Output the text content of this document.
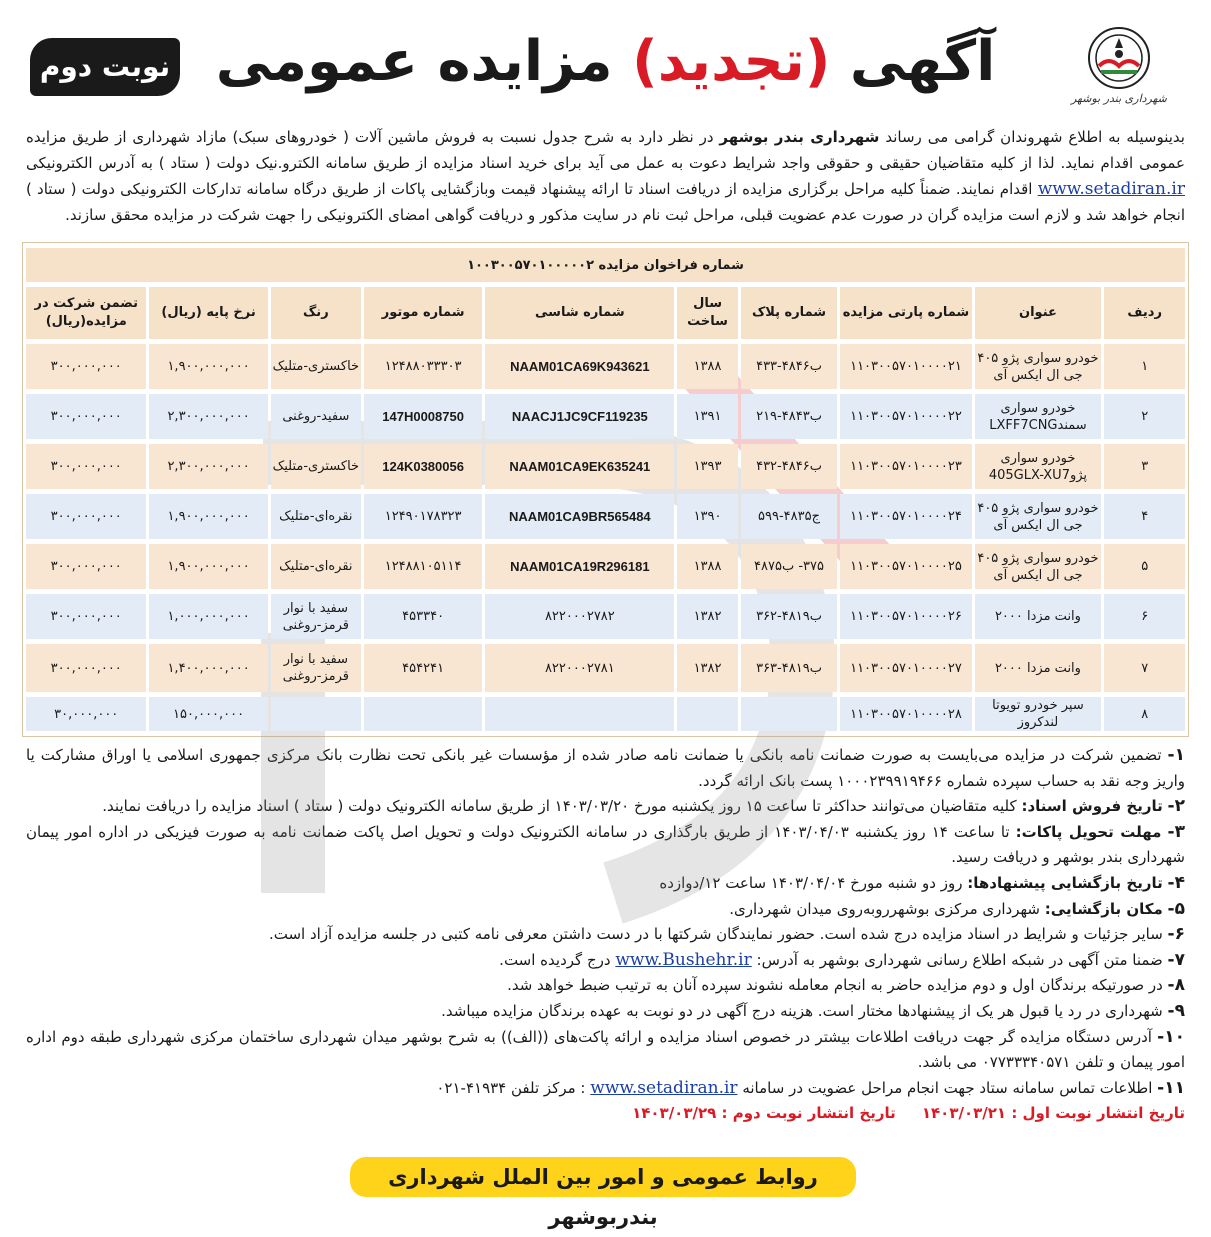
شهرداری بندر بوشهر
آگهی (تجدید) مزایده عمومی
نوبت دوم
بدینوسیله به اطلاع شهروندان گرامی می رساند شهرداری بندر بوشهر در نظر دارد به شرح جدول نسبت به فروش ماشین آلات ( خودروهای سبک) مازاد شهرداری از طریق مزایده عمومی اقدام نماید. لذا از کلیه متقاضیان حقیقی و حقوقی واجد شرایط دعوت به عمل می آید برای خرید اسناد مزایده از طریق سامانه الکترو.نیک دولت ( ستاد ) به آدرس الکترونیکی www.setadiran.ir اقدام نمایند. ضمناً کلیه مراحل برگزاری مزایده از دریافت اسناد تا ارائه پیشنهاد قیمت وبازگشایی پاکات از طریق درگاه سامانه تدارکات الکترونیکی دولت ( ستاد ) انجام خواهد شد و لازم است مزایده گران در صورت عدم عضویت قبلی، مراحل ثبت نام در سایت مذکور و دریافت گواهی امضای الکترونیکی را جهت شرکت در مزایده محقق سازند.
شماره فراخوان مزایده ۱۰۰۳۰۰۵۷۰۱۰۰۰۰۰۲									
ردیف	عنوان	شماره پارتی مزایده	شماره پلاک	سال ساخت	شماره شاسی	شماره موتور	رنگ	نرخ پایه (ریال)	تضمن شرکت در مزایده(ریال)
۱	خودرو سواری پژو ۴۰۵ جی ال ایکس آی	۱۱۰۳۰۰۵۷۰۱۰۰۰۰۲۱	ب۴۸۴۶-۴۳۳	۱۳۸۸	NAAM01CA69K943621	۱۲۴۸۸۰۳۳۳۰۳	خاکستری-متلیک	۱,۹۰۰,۰۰۰,۰۰۰	۳۰۰,۰۰۰,۰۰۰
۲	خودرو سواری سمندLXFF7CNG	۱۱۰۳۰۰۵۷۰۱۰۰۰۰۲۲	ب۴۸۴۳-۲۱۹	۱۳۹۱	NAACJ1JC9CF119235	147H0008750	سفید-روغنی	۲,۳۰۰,۰۰۰,۰۰۰	۳۰۰,۰۰۰,۰۰۰
۳	خودرو سواری پژو405GLX-XU7	۱۱۰۳۰۰۵۷۰۱۰۰۰۰۲۳	ب۴۸۴۶-۴۳۲	۱۳۹۳	NAAM01CA9EK635241	124K0380056	خاکستری-متلیک	۲,۳۰۰,۰۰۰,۰۰۰	۳۰۰,۰۰۰,۰۰۰
۴	خودرو سواری پژو ۴۰۵ جی ال ایکس آی	۱۱۰۳۰۰۵۷۰۱۰۰۰۰۲۴	ج۴۸۳۵-۵۹۹	۱۳۹۰	NAAM01CA9BR565484	۱۲۴۹۰۱۷۸۳۲۳	نقره‌ای-متلیک	۱,۹۰۰,۰۰۰,۰۰۰	۳۰۰,۰۰۰,۰۰۰
۵	خودرو سواری پژو ۴۰۵ جی ال ایکس آی	۱۱۰۳۰۰۵۷۰۱۰۰۰۰۲۵	۳۷۵- ب۴۸۷۵	۱۳۸۸	NAAM01CA19R296181	۱۲۴۸۸۱۰۵۱۱۴	نقره‌ای-متلیک	۱,۹۰۰,۰۰۰,۰۰۰	۳۰۰,۰۰۰,۰۰۰
۶	وانت مزدا ۲۰۰۰	۱۱۰۳۰۰۵۷۰۱۰۰۰۰۲۶	ب۴۸۱۹-۳۶۲	۱۳۸۲	۸۲۲۰۰۰۲۷۸۲	۴۵۳۳۴۰	سفید با نوار قرمز-روغنی	۱,۰۰۰,۰۰۰,۰۰۰	۳۰۰,۰۰۰,۰۰۰
۷	وانت مزدا ۲۰۰۰	۱۱۰۳۰۰۵۷۰۱۰۰۰۰۲۷	ب۴۸۱۹-۳۶۳	۱۳۸۲	۸۲۲۰۰۰۲۷۸۱	۴۵۴۲۴۱	سفید با نوار قرمز-روغنی	۱,۴۰۰,۰۰۰,۰۰۰	۳۰۰,۰۰۰,۰۰۰
۸	سپر خودرو تویوتا لندکروز	۱۱۰۳۰۰۵۷۰۱۰۰۰۰۲۸						۱۵۰,۰۰۰,۰۰۰	۳۰,۰۰۰,۰۰۰

۱- تضمین شرکت در مزایده می‌بایست به صورت ضمانت نامه بانکی یا ضمانت نامه صادر شده از مؤسسات غیر بانکی تحت نظارت بانک مرکزی جمهوری اسلامی یا اوراق مشارکت یا واریز وجه نقد به حساب سپرده شماره ۱۰۰۰۲۳۹۹۱۹۴۶۶ پست بانک ارائه گردد.

۲- تاریخ فروش اسناد: کلیه متقاضیان می‌توانند حداکثر تا ساعت ۱۵ روز یکشنبه مورخ ۱۴۰۳/۰۳/۲۰ از طریق سامانه الکترونیک دولت ( ستاد ) اسناد مزایده را دریافت نمایند.

۳- مهلت تحویل پاکات: تا ساعت ۱۴ روز یکشنبه ۱۴۰۳/۰۴/۰۳ از طریق بارگذاری در سامانه الکترونیک دولت و تحویل اصل پاکت ضمانت نامه به صورت فیزیکی در اداره امور پیمان شهرداری بندر بوشهر و دریافت رسید.

۴- تاریخ بازگشایی پیشنهادها: روز دو شنبه مورخ ۱۴۰۳/۰۴/۰۴ ساعت ۱۲/دوازده

۵- مکان بازگشایی: شهرداری مرکزی بوشهرروبه‌روی میدان شهرداری.

۶- سایر جزئیات و شرایط در اسناد مزایده درج شده است. حضور نمایندگان شرکتها با در دست داشتن معرفی نامه کتبی در جلسه مزایده آزاد است.

۷- ضمنا متن آگهی در شبکه اطلاع رسانی شهرداری بوشهر به آدرس: www.Bushehr.ir درج گردیده است.

۸- در صورتیکه برندگان اول و دوم مزایده حاضر به انجام معامله نشوند سپرده آنان به ترتیب ضبط خواهد شد.

۹- شهرداری در رد یا قبول هر یک از پیشنهادها مختار است. هزینه درج آگهی در دو نوبت به عهده برندگان مزایده میباشد.

۱۰- آدرس دستگاه مزایده گر جهت دریافت اطلاعات بیشتر در خصوص اسناد مزایده و ارائه پاکت‌های ((الف)) به شرح بوشهر میدان شهرداری ساختمان مرکزی شهرداری طبقه دوم اداره امور پیمان و تلفن ۰۷۷۳۳۳۴۰۵۷۱ می باشد.

۱۱- اطلاعات تماس سامانه ستاد جهت انجام مراحل عضویت در سامانه www.setadiran.ir : مرکز تلفن ۴۱۹۳۴-۰۲۱

تاریخ انتشار نوبت اول : ۱۴۰۳/۰۳/۲۱     تاریخ انتشار نوبت دوم : ۱۴۰۳/۰۳/۲۹
روابط عمومی و امور بین الملل شهرداری بندربوشهر
